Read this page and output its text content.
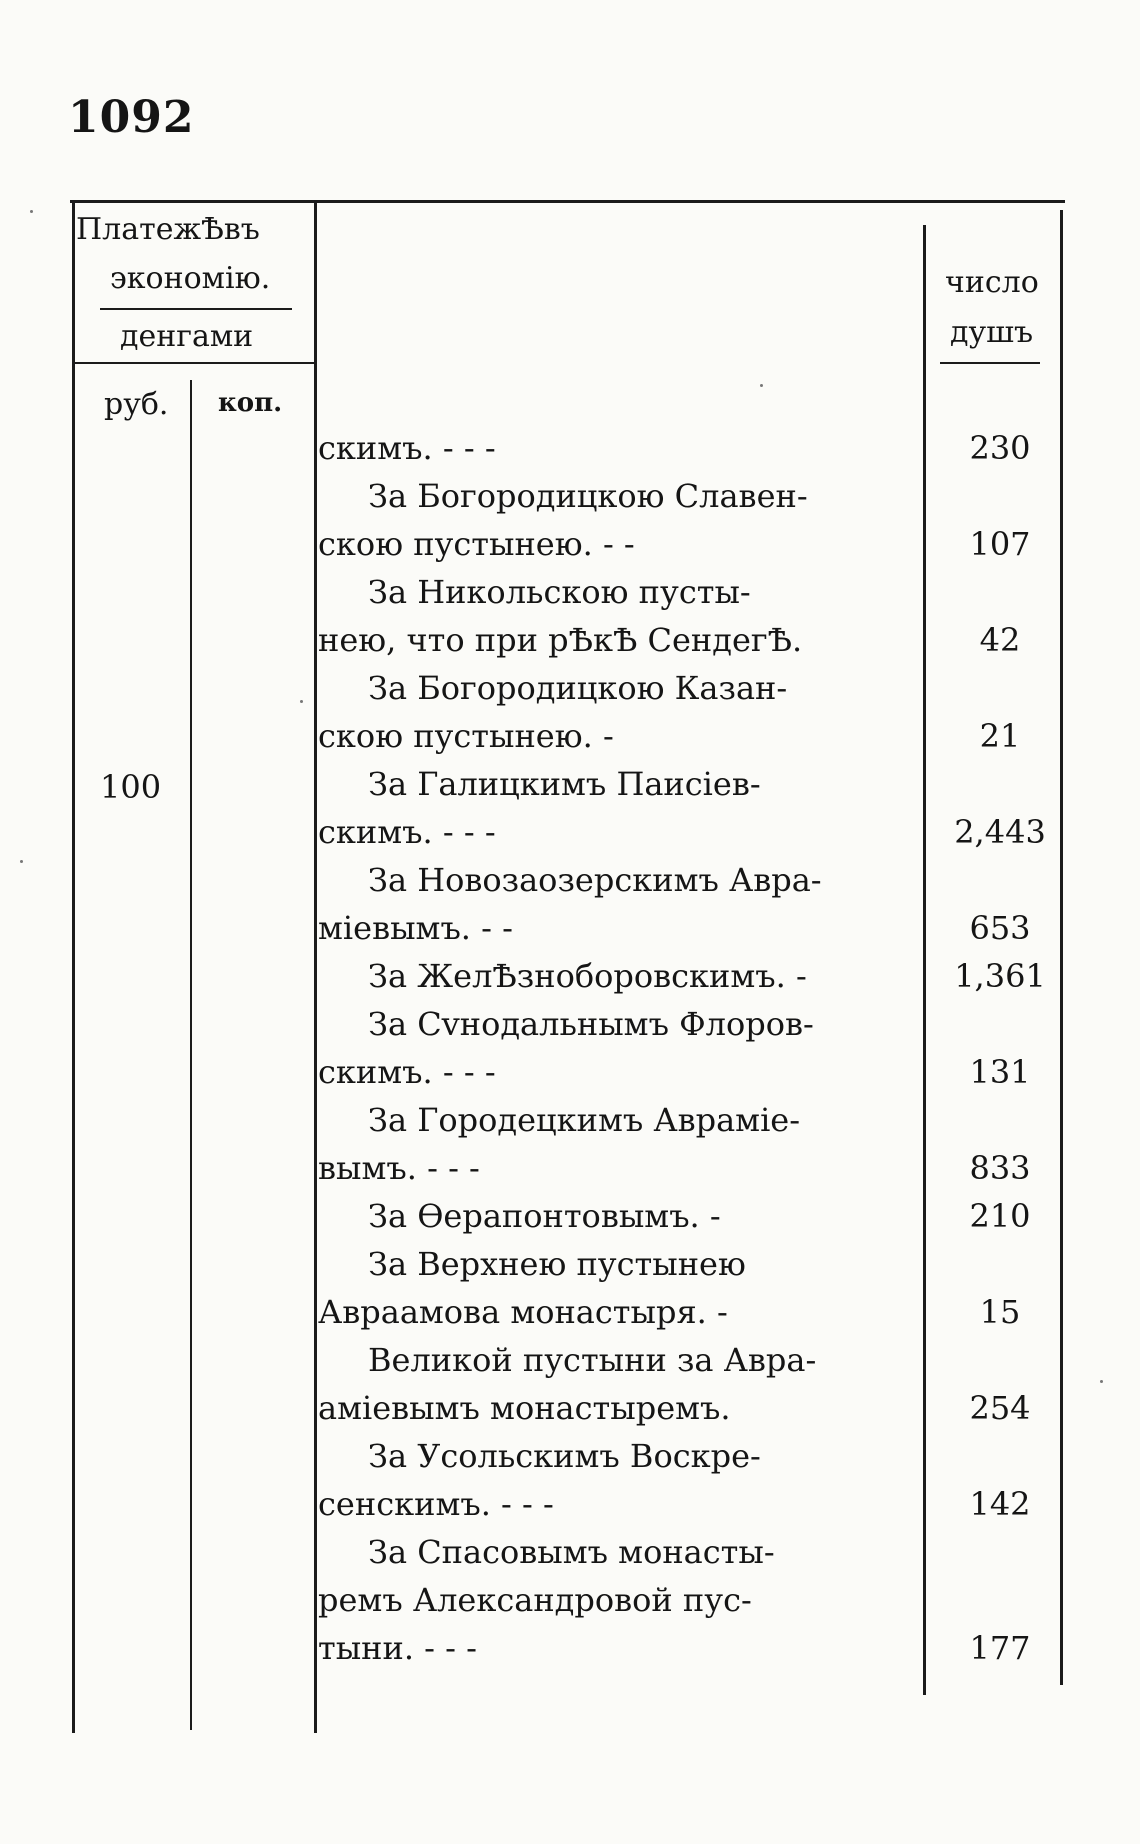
1092
ПлатежѢвъ
экономію.
денгами
руб. коп.
число
душъ
100
скимъ. - - -	230
За Богородицкою Славен-
скою пустынею. - -	107
За Никольскою пусты-
нею, что при рѢкѢ СендегѢ.	42
За Богородицкою Казан-
скою пустынею. -	21
За Галицкимъ Паисіев-
скимъ. - - -	2,443
За Новозаозерскимъ Авра-
міевымъ. - -	653
За ЖелѢзноборовскимъ. -	1,361
За Сvнодальнымъ Флоров-
скимъ. - - -	131
За Городецкимъ Авраміе-
вымъ. - - -	833
За Ѳерапонтовымъ. -	210
За Верхнею пустынею
Авраамова монастыря. -	15
Великой пустыни за Авра-
аміевымъ монастыремъ.	254
За Усольскимъ Воскре-
сенскимъ. - - -	142
За Спасовымъ монасты-
ремъ Александровой пус-
тыни. - - -	177
